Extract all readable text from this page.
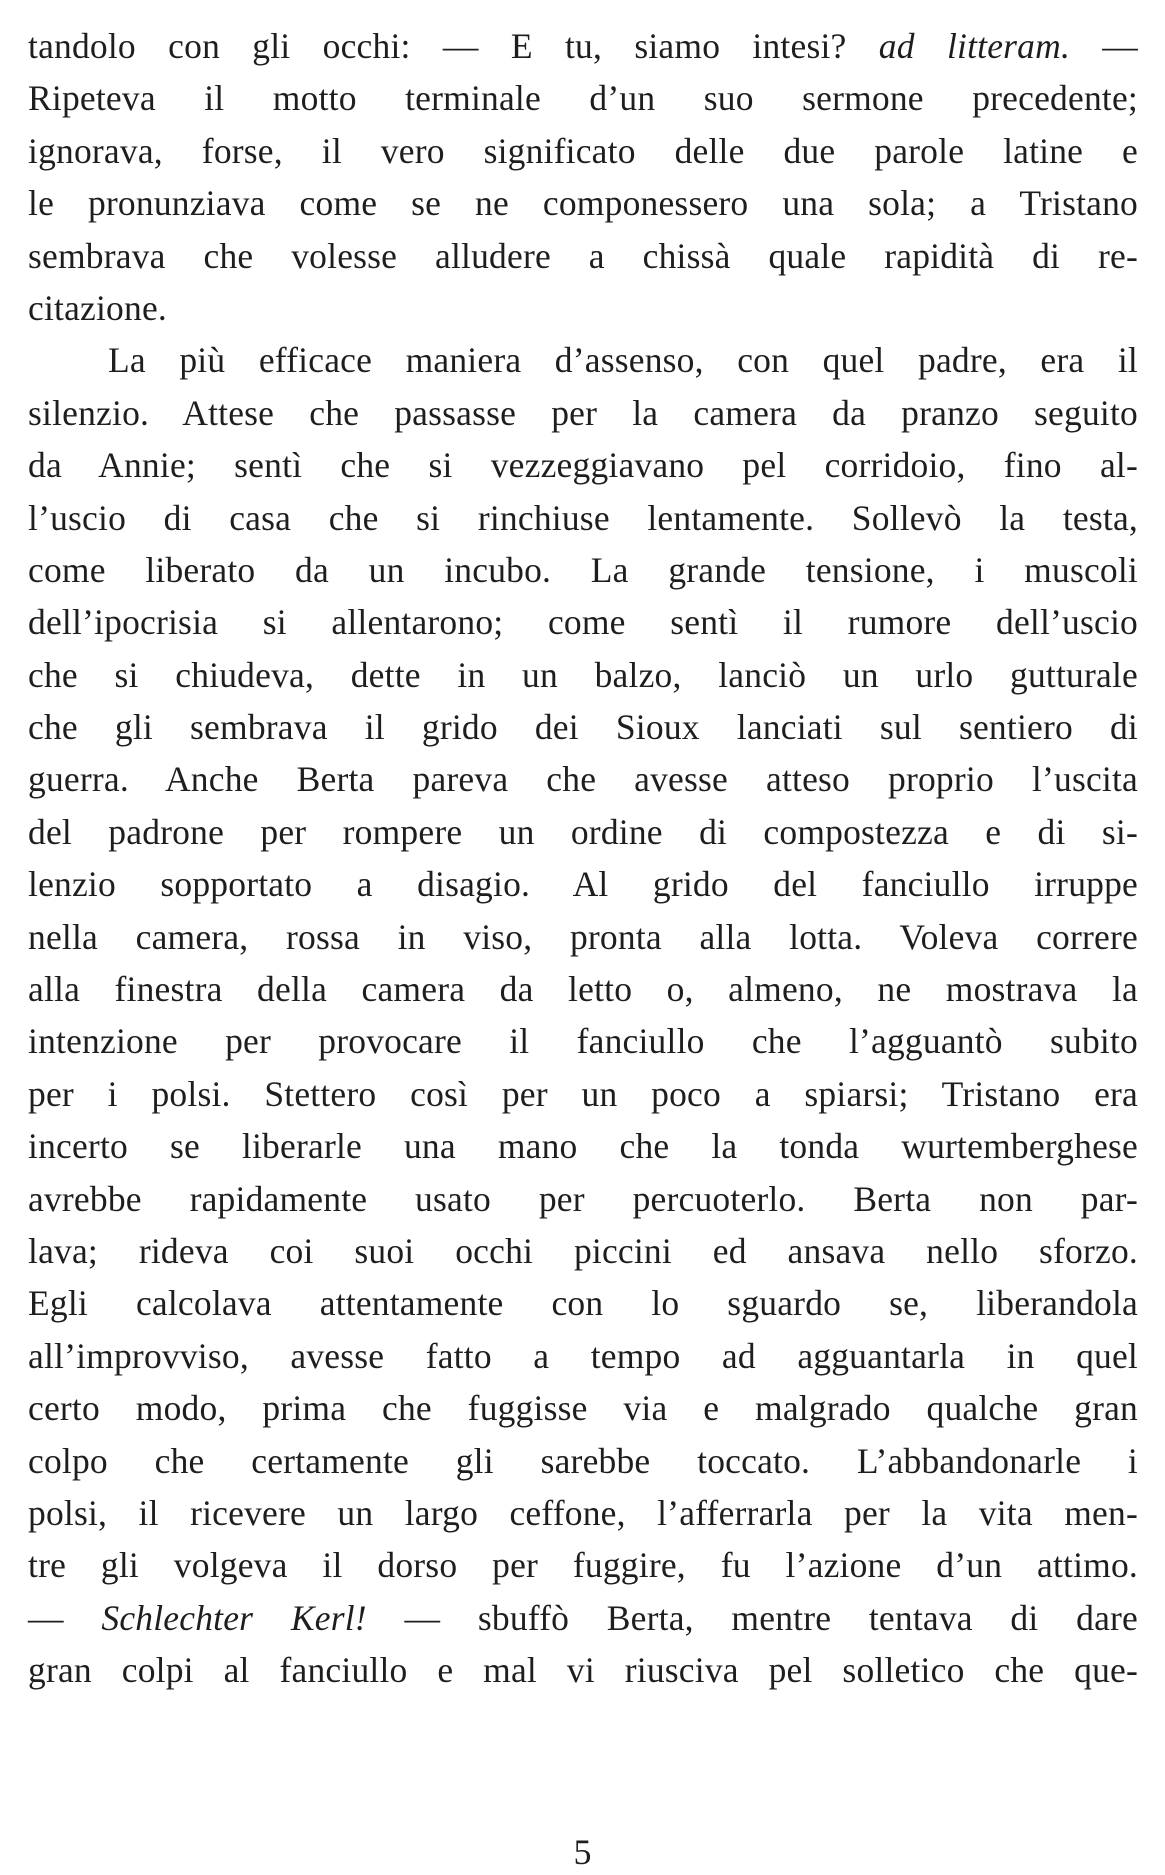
tandolo con gli occhi: — E tu, siamo intesi? ad litteram. —
Ripeteva il motto terminale d’un suo sermone precedente;
ignorava, forse, il vero significato delle due parole latine e
le pronunziava come se ne componessero una sola; a Tristano
sembrava che volesse alludere a chissà quale rapidità di re-
citazione.
La più efficace maniera d’assenso, con quel padre, era il
silenzio. Attese che passasse per la camera da pranzo seguito
da Annie; sentì che si vezzeggiavano pel corridoio, fino al-
l’uscio di casa che si rinchiuse lentamente. Sollevò la testa,
come liberato da un incubo. La grande tensione, i muscoli
dell’ipocrisia si allentarono; come sentì il rumore dell’uscio
che si chiudeva, dette in un balzo, lanciò un urlo gutturale
che gli sembrava il grido dei Sioux lanciati sul sentiero di
guerra. Anche Berta pareva che avesse atteso proprio l’uscita
del padrone per rompere un ordine di compostezza e di si-
lenzio sopportato a disagio. Al grido del fanciullo irruppe
nella camera, rossa in viso, pronta alla lotta. Voleva correre
alla finestra della camera da letto o, almeno, ne mostrava la
intenzione per provocare il fanciullo che l’agguantò subito
per i polsi. Stettero così per un poco a spiarsi; Tristano era
incerto se liberarle una mano che la tonda wurtemberghese
avrebbe rapidamente usato per percuoterlo. Berta non par-
lava; rideva coi suoi occhi piccini ed ansava nello sforzo.
Egli calcolava attentamente con lo sguardo se, liberandola
all’improvviso, avesse fatto a tempo ad agguantarla in quel
certo modo, prima che fuggisse via e malgrado qualche gran
colpo che certamente gli sarebbe toccato. L’abbandonarle i
polsi, il ricevere un largo ceffone, l’afferrarla per la vita men-
tre gli volgeva il dorso per fuggire, fu l’azione d’un attimo.
— Schlechter Kerl! — sbuffò Berta, mentre tentava di dare
gran colpi al fanciullo e mal vi riusciva pel solletico che que-
5
